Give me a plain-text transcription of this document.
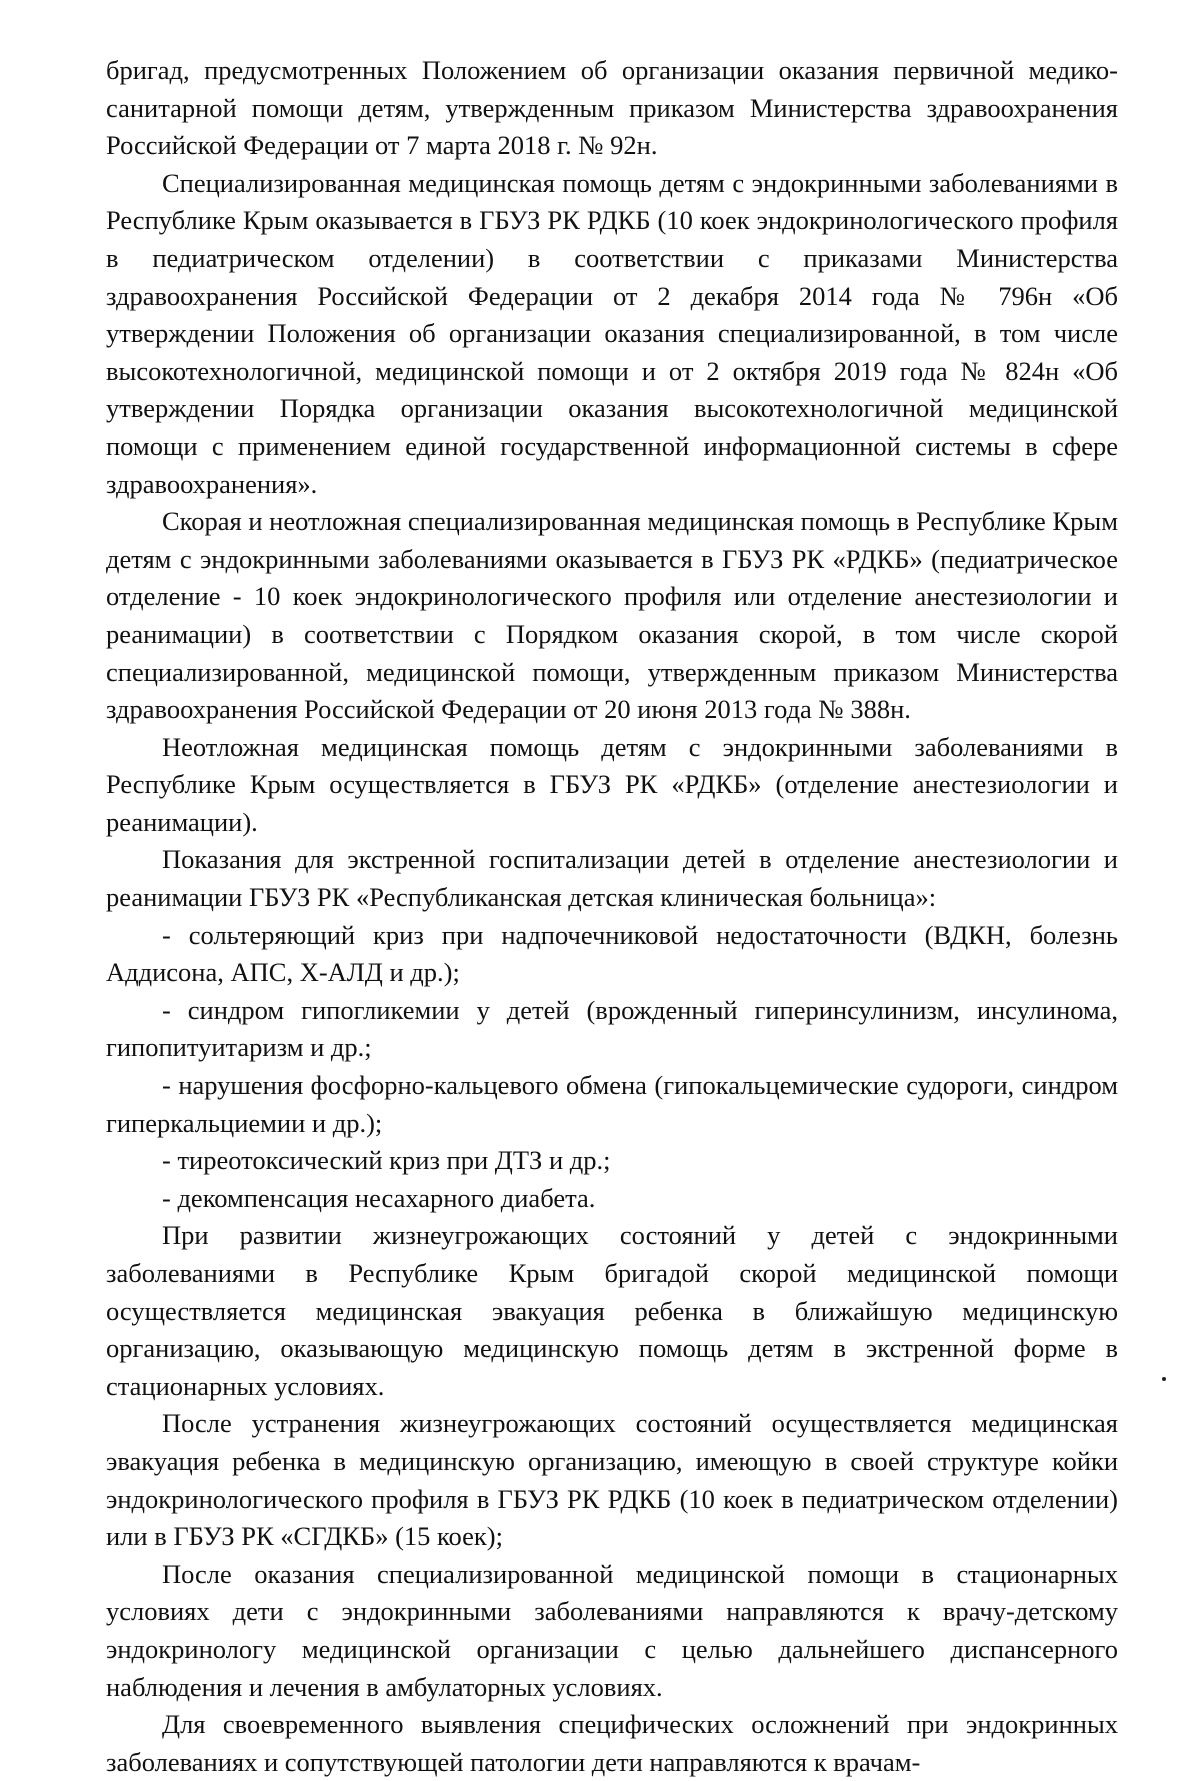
бригад, предусмотренных Положением об организации оказания первичной медико-санитарной помощи детям, утвержденным приказом Министерства здравоохранения Российской Федерации от 7 марта 2018 г. № 92н.

Специализированная медицинская помощь детям с эндокринными заболеваниями в Республике Крым оказывается в ГБУЗ РК РДКБ (10 коек эндокринологического профиля в педиатрическом отделении) в соответствии с приказами Министерства здравоохранения Российской Федерации от 2 декабря 2014 года № 796н «Об утверждении Положения об организации оказания специализированной, в том числе высокотехнологичной, медицинской помощи и от 2 октября 2019 года № 824н «Об утверждении Порядка организации оказания высокотехнологичной медицинской помощи с применением единой государственной информационной системы в сфере здравоохранения».

Скорая и неотложная специализированная медицинская помощь в Республике Крым детям с эндокринными заболеваниями оказывается в ГБУЗ РК «РДКБ» (педиатрическое отделение - 10 коек эндокринологического профиля или отделение анестезиологии и реанимации) в соответствии с Порядком оказания скорой, в том числе скорой специализированной, медицинской помощи, утвержденным приказом Министерства здравоохранения Российской Федерации от 20 июня 2013 года № 388н.

Неотложная медицинская помощь детям с эндокринными заболеваниями в Республике Крым осуществляется в ГБУЗ РК «РДКБ» (отделение анестезиологии и реанимации).

Показания для экстренной госпитализации детей в отделение анестезиологии и реанимации ГБУЗ РК «Республиканская детская клиническая больница»:

- сольтеряющий криз при надпочечниковой недостаточности (ВДКН, болезнь Аддисона, АПС, Х-АЛД и др.);

- синдром гипогликемии у детей (врожденный гиперинсулинизм, инсулинома, гипопитуитаризм и др.;

- нарушения фосфорно-кальцевого обмена (гипокальцемические судороги, синдром гиперкальциемии и др.);

- тиреотоксический криз при ДТЗ и др.;

- декомпенсация несахарного диабета.

При развитии жизнеугрожающих состояний у детей с эндокринными заболеваниями в Республике Крым бригадой скорой медицинской помощи осуществляется медицинская эвакуация ребенка в ближайшую медицинскую организацию, оказывающую медицинскую помощь детям в экстренной форме в стационарных условиях.

После устранения жизнеугрожающих состояний осуществляется медицинская эвакуация ребенка в медицинскую организацию, имеющую в своей структуре койки эндокринологического профиля в ГБУЗ РК РДКБ (10 коек в педиатрическом отделении) или в ГБУЗ РК «СГДКБ» (15 коек);

После оказания специализированной медицинской помощи в стационарных условиях дети с эндокринными заболеваниями направляются к врачу-детскому эндокринологу медицинской организации с целью дальнейшего диспансерного наблюдения и лечения в амбулаторных условиях.

Для своевременного выявления специфических осложнений при эндокринных заболеваниях и сопутствующей патологии дети направляются к врачам-
